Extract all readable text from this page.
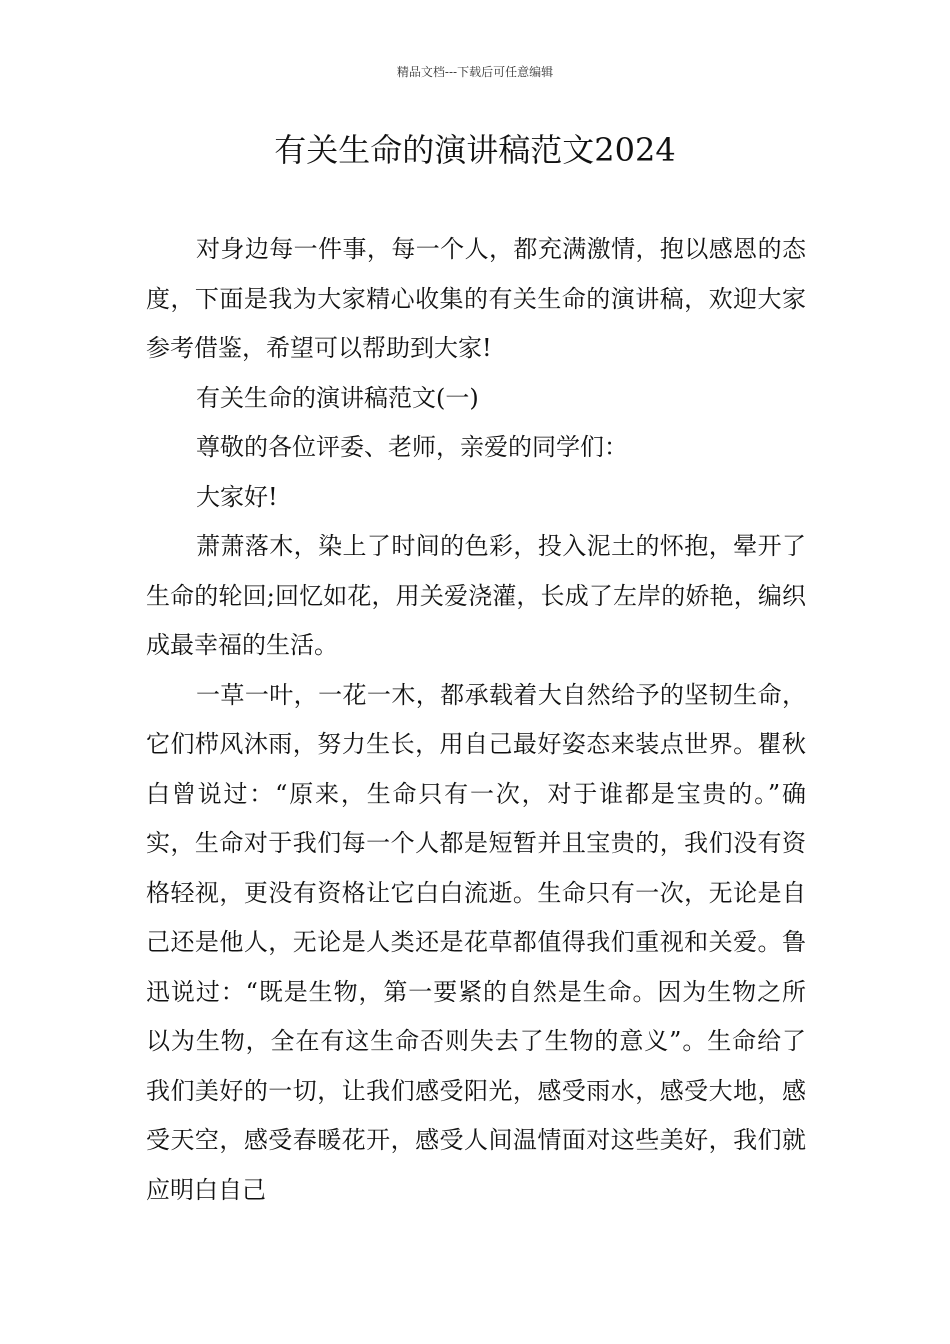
精品文档---下载后可任意编辑
有关生命的演讲稿范文2024

对身边每一件事，每一个人，都充满激情，抱以感恩的态度，下面是我为大家精心收集的有关生命的演讲稿，欢迎大家参考借鉴，希望可以帮助到大家!

有关生命的演讲稿范文(一)

尊敬的各位评委、老师，亲爱的同学们：

大家好!

萧萧落木，染上了时间的色彩，投入泥土的怀抱，晕开了生命的轮回;回忆如花，用关爱浇灌，长成了左岸的娇艳，编织成最幸福的生活。

一草一叶，一花一木，都承载着大自然给予的坚韧生命，它们栉风沐雨，努力生长，用自己最好姿态来装点世界。瞿秋白曾说过：“原来，生命只有一次，对于谁都是宝贵的。”确实，生命对于我们每一个人都是短暂并且宝贵的，我们没有资格轻视，更没有资格让它白白流逝。生命只有一次，无论是自己还是他人，无论是人类还是花草都值得我们重视和关爱。鲁迅说过：“既是生物，第一要紧的自然是生命。因为生物之所以为生物，全在有这生命否则失去了生物的意义”。生命给了我们美好的一切，让我们感受阳光，感受雨水，感受大地，感受天空，感受春暖花开，感受人间温情面对这些美好，我们就应明白自己
